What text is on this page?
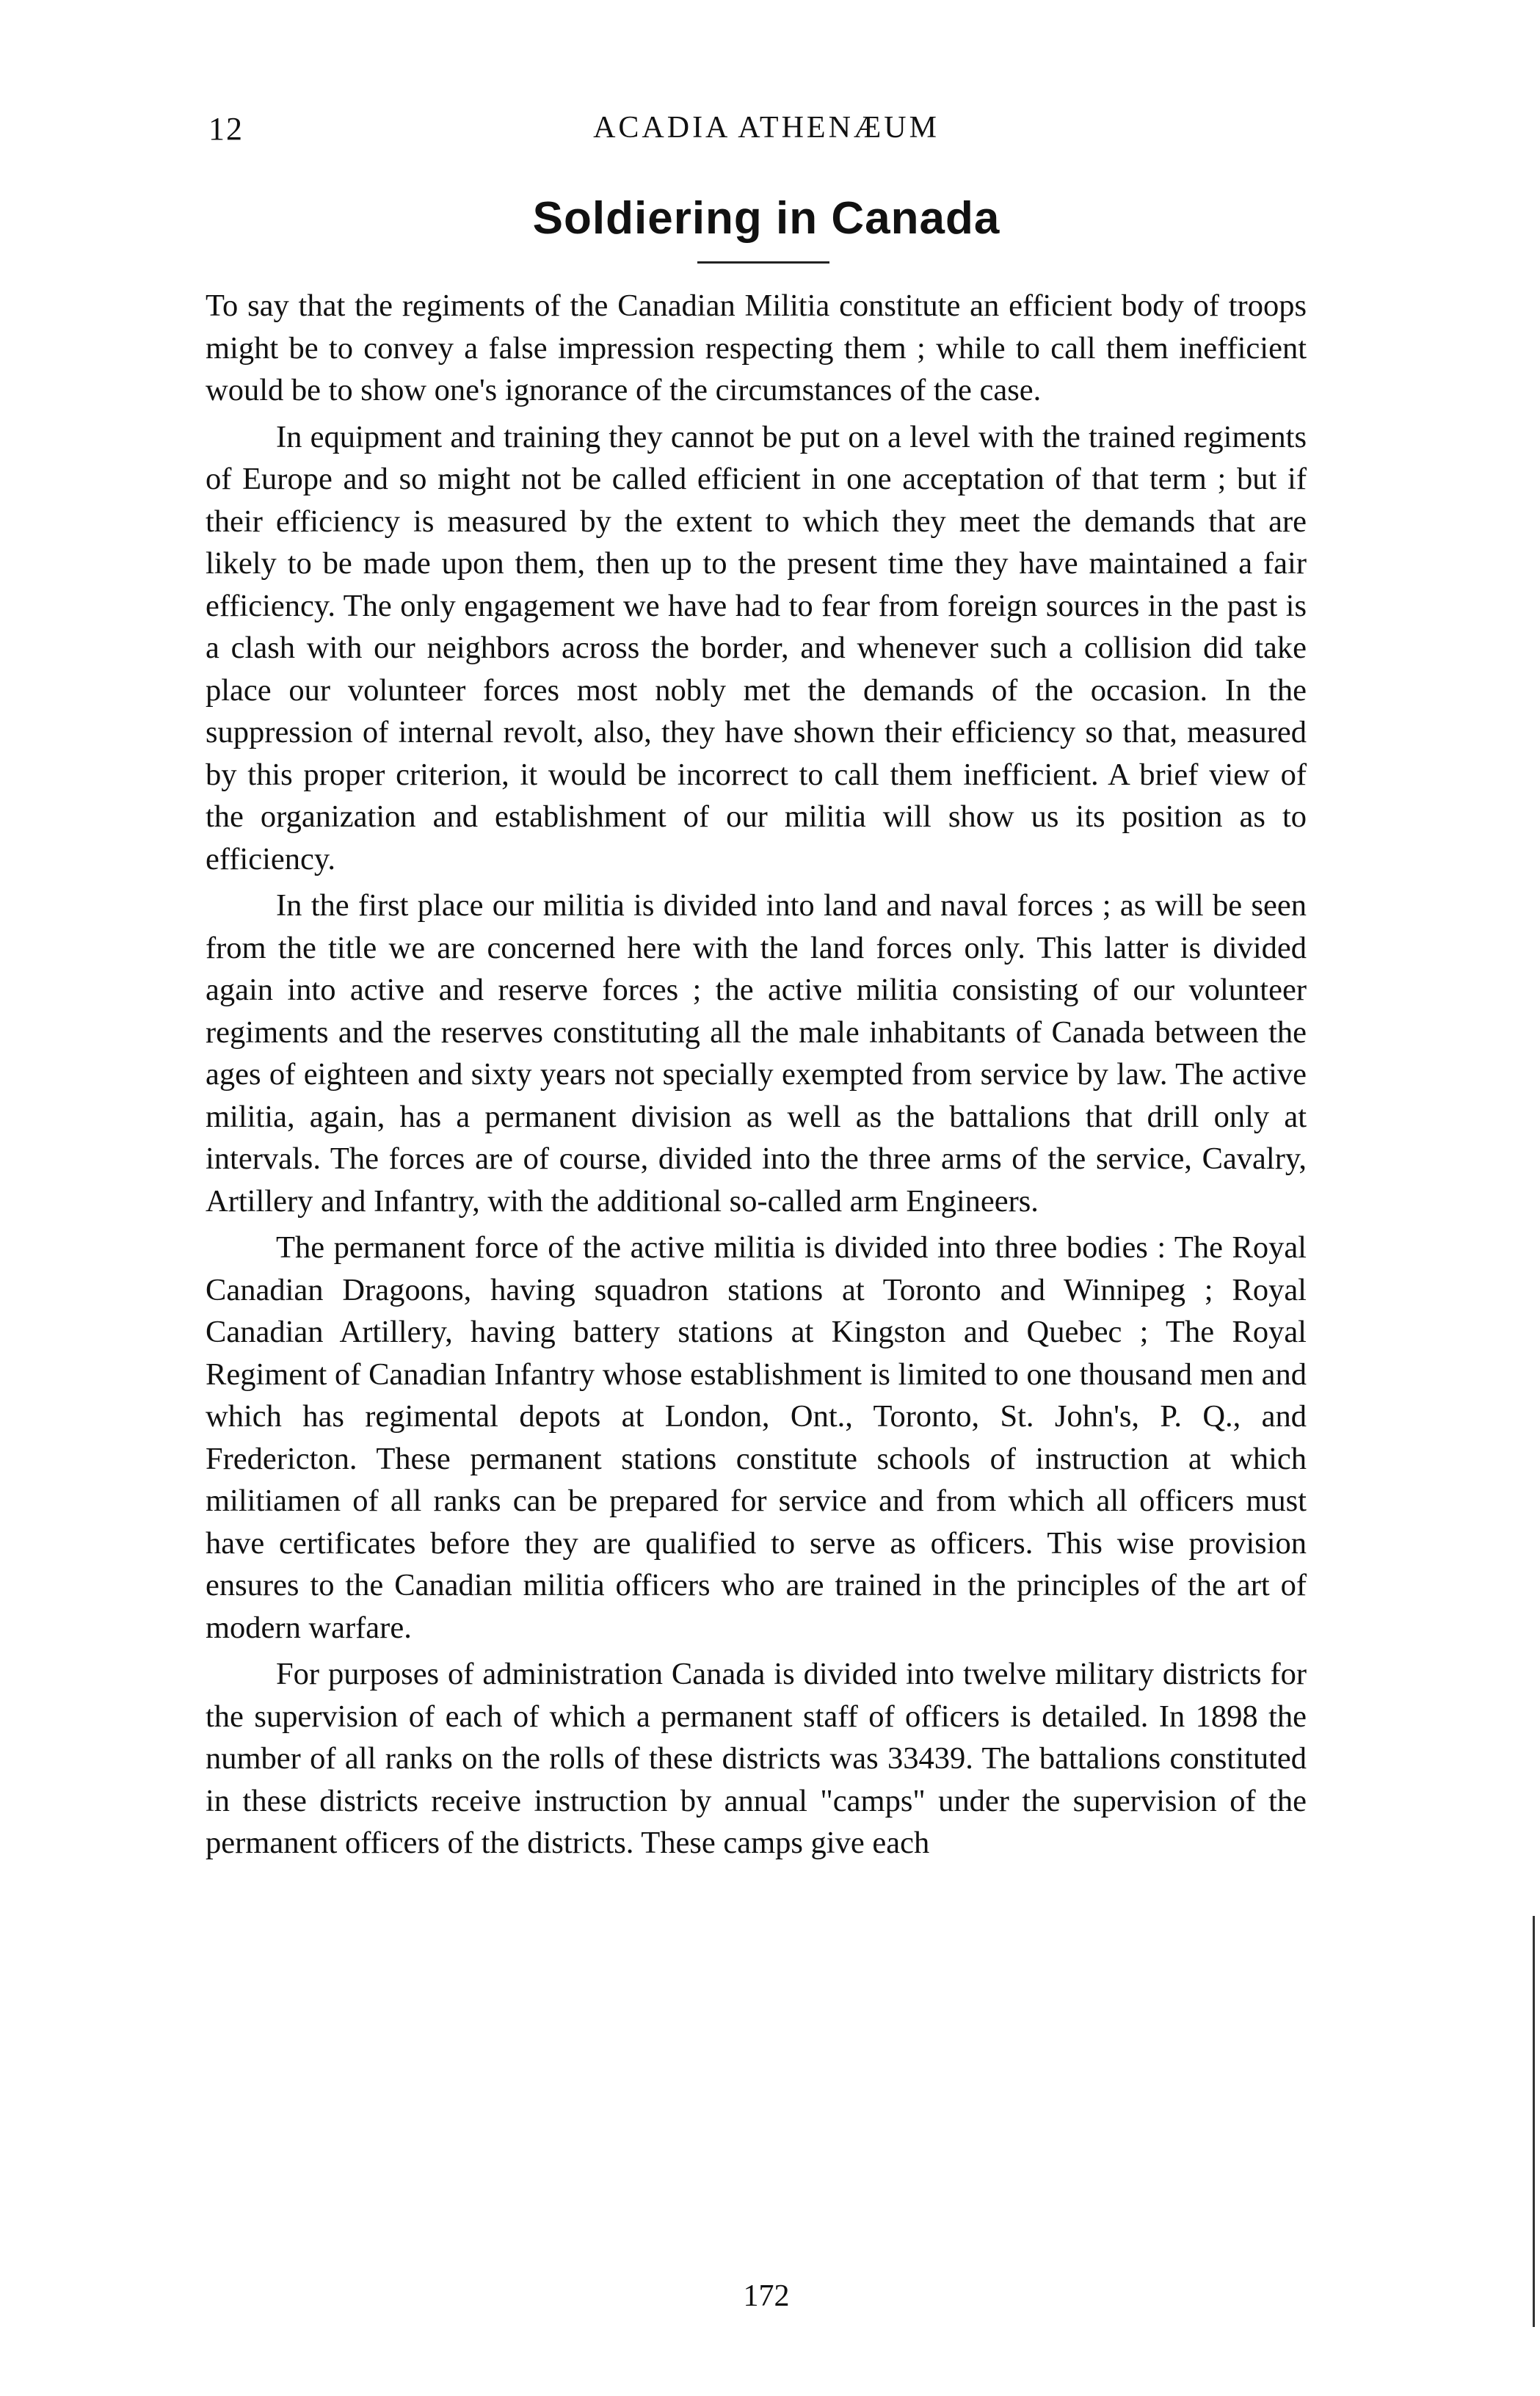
12	ACADIA ATHENÆUM
Soldiering in Canada

To say that the regiments of the Canadian Militia constitute an efficient body of troops might be to convey a false impression respecting them ; while to call them inefficient would be to show one's ignorance of the circumstances of the case.

In equipment and training they cannot be put on a level with the trained regiments of Europe and so might not be called efficient in one acceptation of that term ; but if their efficiency is measured by the extent to which they meet the demands that are likely to be made upon them, then up to the present time they have maintained a fair efficiency. The only engagement we have had to fear from foreign sources in the past is a clash with our neighbors across the border, and whenever such a collision did take place our volunteer forces most nobly met the demands of the occasion. In the suppression of internal revolt, also, they have shown their efficiency so that, measured by this proper criterion, it would be incorrect to call them inefficient. A brief view of the organization and establishment of our militia will show us its position as to efficiency.

In the first place our militia is divided into land and naval forces ; as will be seen from the title we are concerned here with the land forces only. This latter is divided again into active and reserve forces ; the active militia consisting of our volunteer regiments and the reserves constituting all the male inhabitants of Canada between the ages of eighteen and sixty years not specially exempted from service by law. The active militia, again, has a permanent division as well as the battalions that drill only at intervals. The forces are of course, divided into the three arms of the service, Cavalry, Artillery and Infantry, with the additional so-called arm Engineers.

The permanent force of the active militia is divided into three bodies : The Royal Canadian Dragoons, having squadron stations at Toronto and Winnipeg ; Royal Canadian Artillery, having battery stations at Kingston and Quebec ; The Royal Regiment of Canadian Infantry whose establishment is limited to one thousand men and which has regimental depots at London, Ont., Toronto, St. John's, P. Q., and Fredericton. These permanent stations constitute schools of instruction at which militiamen of all ranks can be prepared for service and from which all officers must have certificates before they are qualified to serve as officers. This wise provision ensures to the Canadian militia officers who are trained in the principles of the art of modern warfare.

For purposes of administration Canada is divided into twelve military districts for the supervision of each of which a permanent staff of officers is detailed. In 1898 the number of all ranks on the rolls of these districts was 33439. The battalions constituted in these districts receive instruction by annual "camps" under the supervision of the permanent officers of the districts. These camps give each

172
